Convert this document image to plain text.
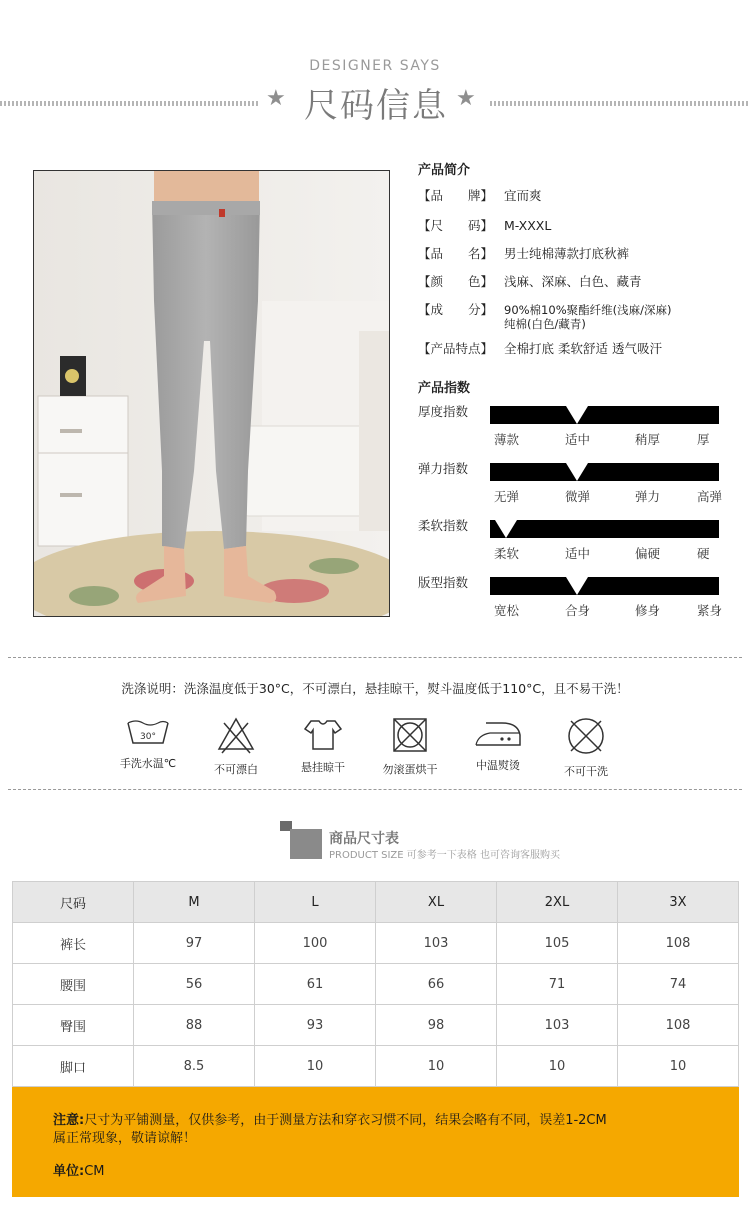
DESIGNER SAYS
★	★
尺码信息
产品简介
【品　　牌】 宜而爽
【尺　　码】 M-XXXL
【品　　名】 男士纯棉薄款打底秋裤
【颜　　色】 浅麻、深麻、白色、藏青
【成　　分】 90%棉10%聚酯纤维(浅麻/深麻)
纯棉(白色/藏青)
【产品特点】 全棉打底 柔软舒适 透气吸汗
产品指数
厚度指数
薄款	适中	稍厚	厚
弹力指数
无弹	微弹	弹力	高弹
柔软指数
柔软	适中	偏硬	硬
版型指数
宽松	合身	修身	紧身
洗涤说明：洗涤温度低于30°C，不可漂白，悬挂晾干，熨斗温度低于110°C，且不易干洗！
30°
手洗水温℃	不可漂白	悬挂晾干	勿滚蛋烘干	中温熨烫	不可干洗
商品尺寸表
PRODUCT SIZE 可参考一下表格 也可咨询客服购买
尺码	M	L	XL	2XL	3X
裤长	97	100	103	105	108
腰围	56	61	66	71	74
臀围	88	93	98	103	108
脚口	8.5	10	10	10	10
注意:尺寸为平铺测量，仅供参考，由于测量方法和穿衣习惯不同，结果会略有不同，误差1-2CM
属正常现象，敬请谅解！
单位:CM
